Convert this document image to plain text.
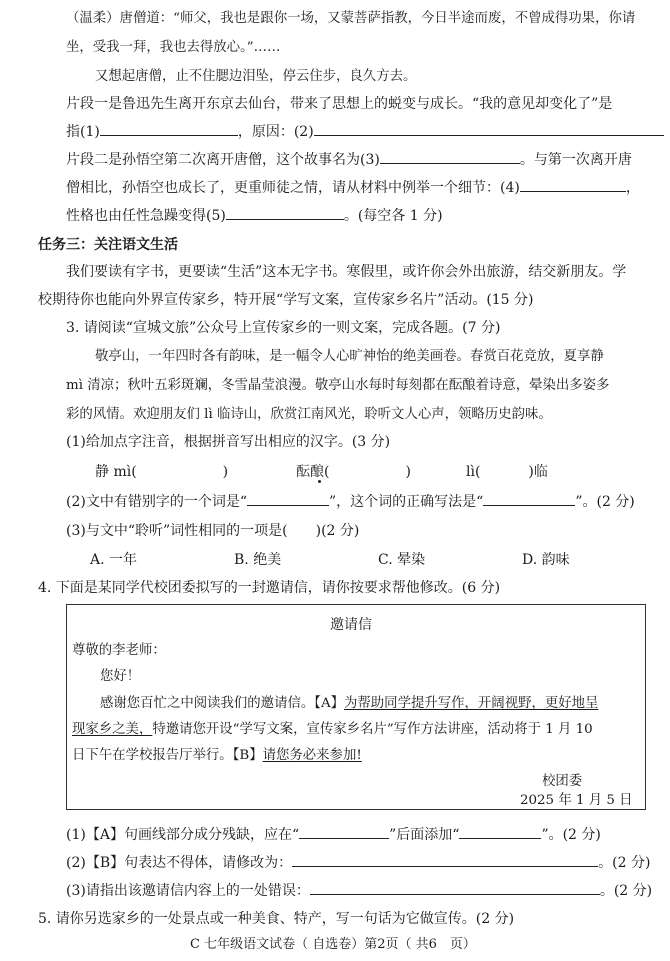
（温柔）唐僧道：“师父，我也是跟你一场，又蒙菩萨指教，今日半途而废，不曾成得功果，你请
坐，受我一拜，我也去得放心。”……
又想起唐僧，止不住腮边泪坠，停云住步，良久方去。
片段一是鲁迅先生离开东京去仙台，带来了思想上的蜕变与成长。“我的意见却变化了”是
指(1)	，原因：(2)
片段二是孙悟空第二次离开唐僧，这个故事名为(3)	。与第一次离开唐
僧相比，孙悟空也成长了，更重师徒之情，请从材料中例举一个细节：(4)	，
性格也由任性急躁变得(5)	。(每空各 1 分)
任务三：关注语文生活
我们要读有字书，更要读“生活”这本无字书。寒假里，或许你会外出旅游，结交新朋友。学
校期待你也能向外界宣传家乡，特开展“学写文案，宣传家乡名片”活动。(15 分)
3. 请阅读“宣城文旅”公众号上宣传家乡的一则文案，完成各题。(7 分)
敬亭山，一年四时各有韵味，是一幅令人心旷神怡的绝美画卷。春赏百花竞放，夏享静
mì 清凉；秋叶五彩斑斓，冬雪晶莹浪漫。敬亭山水每时每刻都在酝酿着诗意，晕染出多姿多
彩的风情。欢迎朋友们 lì 临诗山，欣赏江南风光，聆听文人心声，领略历史韵味。
(1)给加点字注音，根据拼音写出相应的汉字。(3 分)
静 mì(	)	酝酿(	)	lì(	)临
(2)文中有错别字的一个词是“	”，这个词的正确写法是“	”。(2 分)
(3)与文中“聆听”词性相同的一项是(　　)(2 分)
A. 一年	B. 绝美	C. 晕染	D. 韵味
4. 下面是某同学代校团委拟写的一封邀请信，请你按要求帮他修改。(6 分)
邀请信
尊敬的李老师：
您好！
感谢您百忙之中阅读我们的邀请信。【A】为帮助同学提升写作，开阔视野，更好地呈
现家乡之美，特邀请您开设“学写文案，宣传家乡名片”写作方法讲座，活动将于 1 月 10
日下午在学校报告厅举行。【B】请您务必来参加!
校团委
2025 年 1 月 5 日
(1)【A】句画线部分成分残缺，应在“	”后面添加“	”。(2 分)
(2)【B】句表达不得体，请修改为：	。(2 分)
(3)请指出该邀请信内容上的一处错误：	。(2 分)
5. 请你另选家乡的一处景点或一种美食、特产，写一句话为它做宣传。(2 分)
C 七年级语文试卷（ 自选卷）第2页（ 共6　页）
